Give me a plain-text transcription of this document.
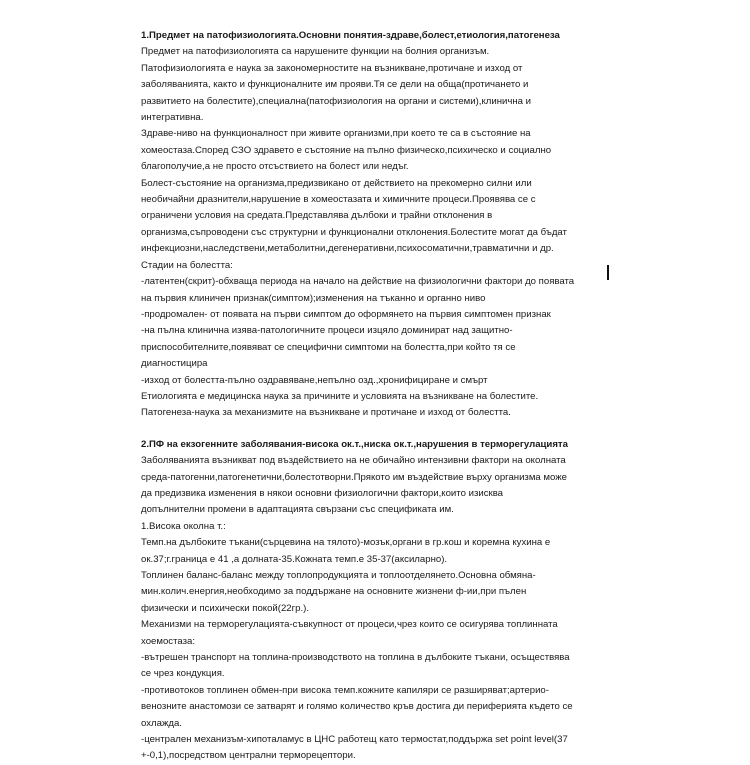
1.Предмет на патофизиологията.Основни понятия-здраве,болест,етиология,патогенеза
Предмет на патофизиологията са нарушените функции на болния организъм.
Патофизиологията е наука за закономерностите на възникване,протичане и изход от
заболяванията, както и функционалните им прояви.Тя се дели на обща(протичането и
развитието на болестите),специална(патофизиология на органи и системи),клинична и
интегративна.
Здраве-ниво на функционалност при живите организми,при което те са в състояние на
хомеостаза.Според СЗО здравето е състояние на пълно физическо,психическо и социално
благополучие,а не просто отсъствието на болест или недъг.
Болест-състояние на организма,предизвикано от действието на прекомерно силни или
необичайни дразнители,нарушение в хомеостазата и химичните процеси.Проявява се с
ограничени условия на средата.Представлява дълбоки и трайни отклонения в
организма,съпроводени със структурни и функционални отклонения.Болестите могат да бъдат
инфекциозни,наследствени,метаболитни,дегенеративни,психосоматични,травматични и др.
Стадии на болестта:
-латентен(скрит)-обхваща периода на начало на действие на физиологични фактори до появата
на първия клиничен признак(симптом);изменения на тъканно и органно ниво
-продромален- от появата на първи симптом до оформянето на първия симптомен признак
-на пълна клинична изява-патологичните процеси изцяло доминират над защитно-
приспособителните,появяват се специфични симптоми на болестта,при който тя се
диагностицира
-изход от болестта-пълно оздравяване,непълно озд.,хронифициране и смърт
Етиологията е медицинска наука за причините и условията на възникване на болестите.
Патогенеза-наука за механизмите на възникване и протичане и изход от болестта.
2.ПФ на екзогенните заболявания-висока ок.т.,ниска ок.т.,нарушения в терморегулацията
Заболяванията възникват под въздействието на не обичайно интензивни фактори на околната
среда-патогенни,патогенетични,болестотворни.Прякото им въздействие върху организма може
да предизвика изменения в някои основни физиологични фактори,които изисква
допълнителни промени в адаптацията свързани със спецификата им.
1.Висока околна т.:
Темп.на дълбоките тъкани(сърцевина на тялото)-мозък,органи в гр.кош и коремна кухина е
ок.37;г.граница е 41 ,а долната-35.Кожната темп.е 35-37(аксиларно).
Топлинен баланс-баланс между топлопродукцията и топлоотделянето.Основна обмяна-
мин.колич.енергия,необходимо за поддържане на основните жизнени ф-ии,при пълен
физически и психически покой(22гр.).
Механизми на терморегулацията-съвкупност от процеси,чрез които се осигурява топлинната
хоемостаза:
-вътрешен транспорт на топлина-производството на топлина в дълбоките тъкани, осъществява
се чрез кондукция.
-противотоков топлинен обмен-при висока темп.кожните капиляри се разширяват;артерио-
венозните анастомози се затварят и голямо количество кръв достига ди периферията където се
охлажда.
-централен механизъм-хипоталамус в ЦНС работещ като термостат,поддържа set point level(37
+-0,1),посредством централни терморецептори.
